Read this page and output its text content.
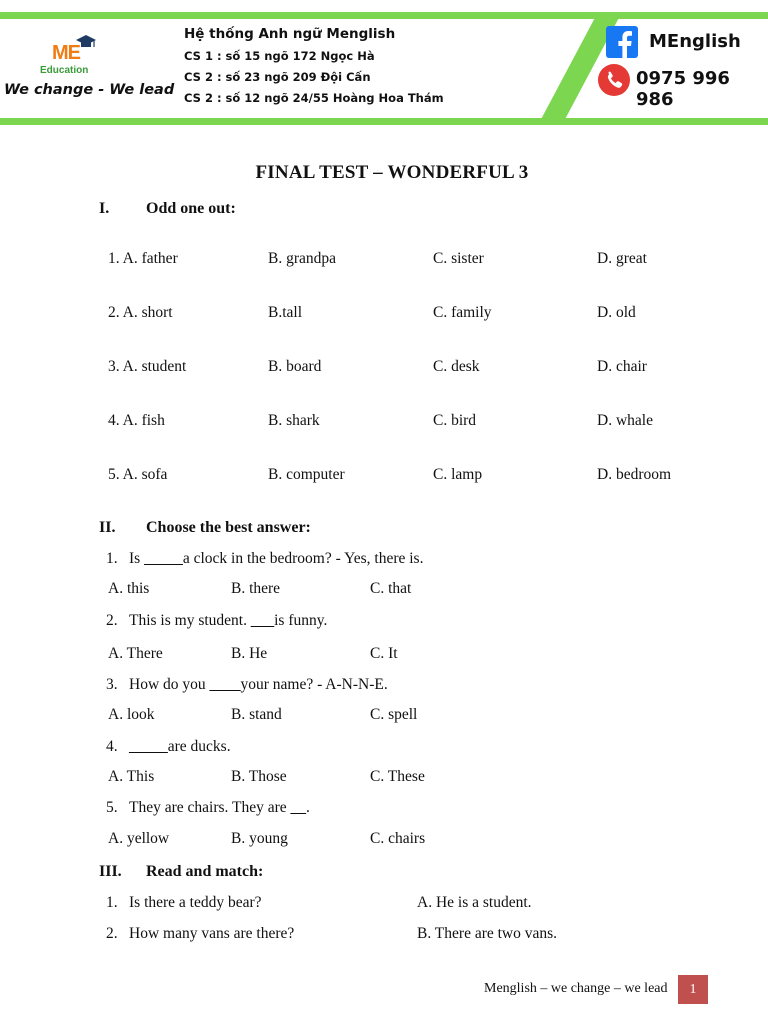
ME
Education
We change - We lead
Hệ thống Anh ngữ Menglish
CS 1 : số 15 ngõ 172 Ngọc Hà
CS 2 : số 23 ngõ 209 Đội Cấn
CS 2 : số 12 ngõ 24/55 Hoàng Hoa Thám
MEnglish
0975 996 986
FINAL TEST – WONDERFUL 3
I. Odd one out:
1. A. father	B. grandpa	C. sister	D. great
2. A. short	B.tall	C. family	D. old
3. A. student	B. board	C. desk	D. chair
4. A. fish	B. shark	C. bird	D. whale
5. A. sofa	B. computer	C. lamp	D. bedroom
II. Choose the best answer:
1. Is _____a clock in the bedroom? - Yes, there is.
A. this	B. there	C. that
2. This is my student. ___is funny.
A. There	B. He	C. It
3. How do you ____your name? - A-N-N-E.
A. look	B. stand	C. spell
4. _____are ducks.
A. This	B. Those	C. These
5. They are chairs. They are __.
A. yellow	B. young	C. chairs
III. Read and match:
1. Is there a teddy bear?	A. He is a student.
2. How many vans are there?	B. There are two vans.
Menglish – we change – we lead	1
